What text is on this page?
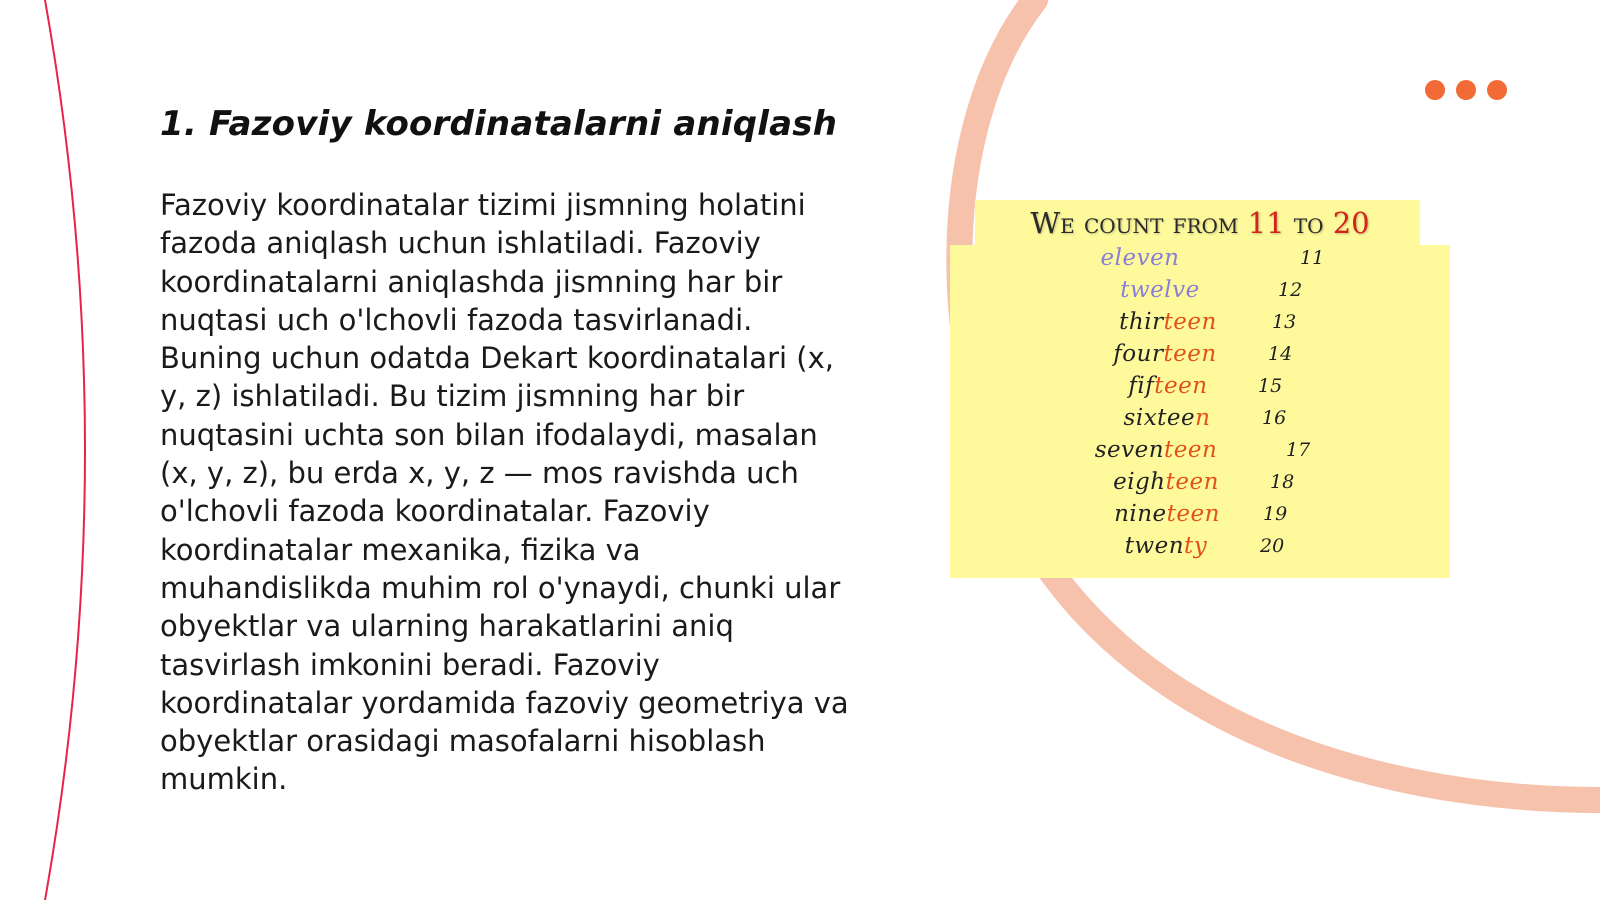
1. Fazoviy koordinatalarni aniqlash

Fazoviy koordinatalar tizimi jismning holatini fazoda aniqlash uchun ishlatiladi. Fazoviy koordinatalarni aniqlashda jismning har bir nuqtasi uch o'lchovli fazoda tasvirlanadi. Buning uchun odatda Dekart koordinatalari (x, y, z) ishlatiladi. Bu tizim jismning har bir nuqtasini uchta son bilan ifodalaydi, masalan (x, y, z), bu erda x, y, z — mos ravishda uch o'lchovli fazoda koordinatalar. Fazoviy koordinatalar mexanika, fizika va muhandislikda muhim rol o'ynaydi, chunki ular obyektlar va ularning harakatlarini aniq tasvirlash imkonini beradi. Fazoviy koordinatalar yordamida fazoviy geometriya va obyektlar orasidagi masofalarni hisoblash mumkin.

We count from 11 to 20
eleven	11
twelve	12
thirteen	13
fourteen	14
fifteen	15
sixteen	16
seventeen	17
eighteen	18
nineteen	19
twenty	20
